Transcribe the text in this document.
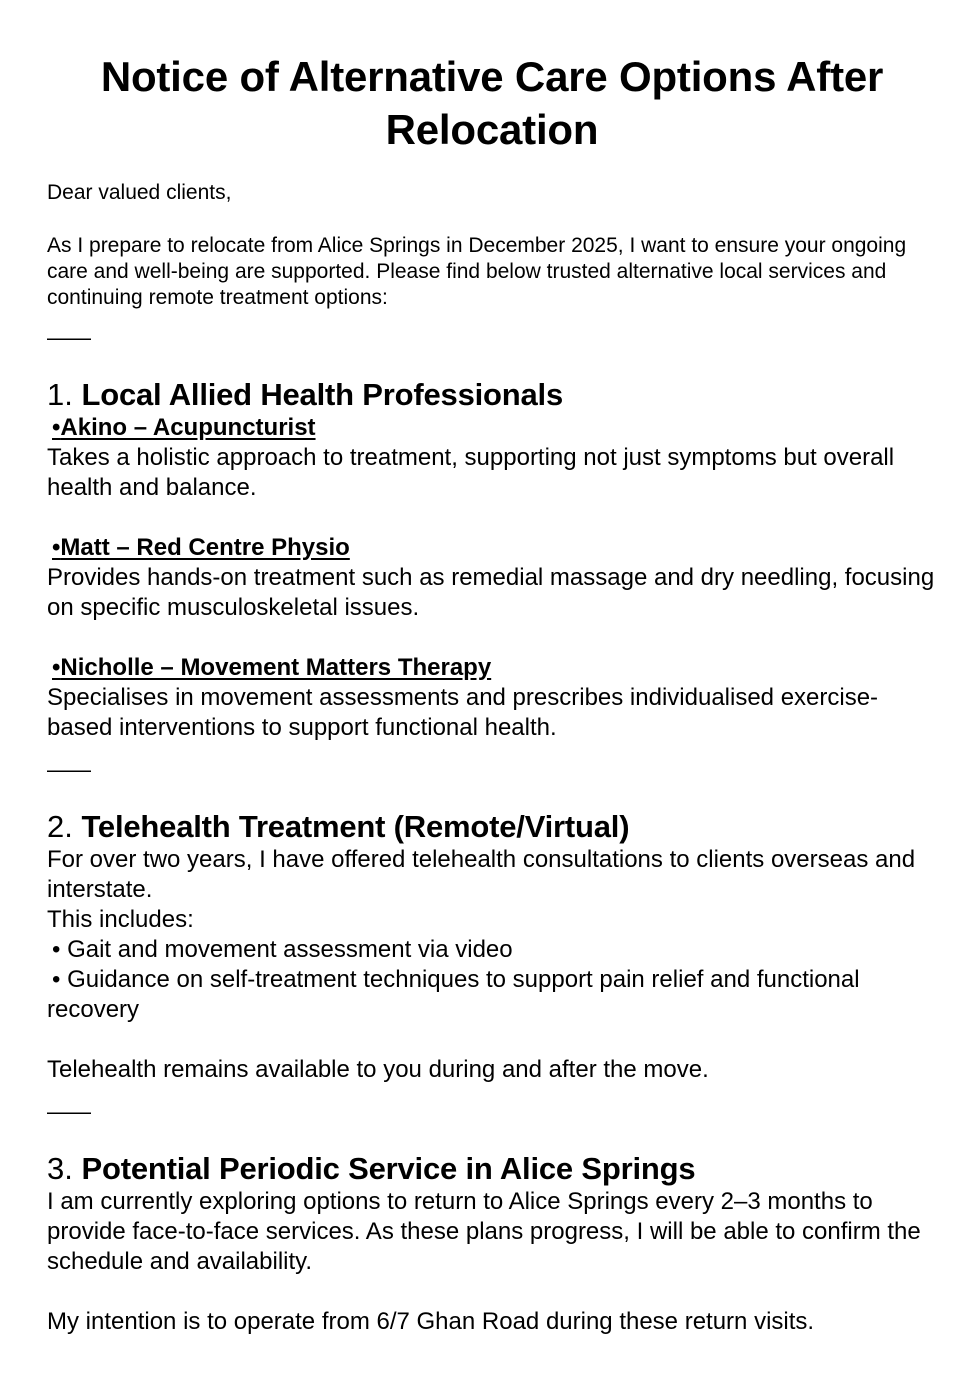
Notice of Alternative Care Options After Relocation

Dear valued clients,

As I prepare to relocate from Alice Springs in December 2025, I want to ensure your ongoing care and well-being are supported. Please find below trusted alternative local services and continuing remote treatment options:

——

1. Local Allied Health Professionals

•Akino – Acupuncturist

Takes a holistic approach to treatment, supporting not just symptoms but overall health and balance.

•Matt – Red Centre Physio

Provides hands-on treatment such as remedial massage and dry needling, focusing on specific musculoskeletal issues.

•Nicholle – Movement Matters Therapy

Specialises in movement assessments and prescribes individualised exercise-based interventions to support functional health.

——

2. Telehealth Treatment (Remote/Virtual)

For over two years, I have offered telehealth consultations to clients overseas and interstate.

This includes:

• Gait and movement assessment via video

• Guidance on self-treatment techniques to support pain relief and functional recovery

Telehealth remains available to you during and after the move.

——

3. Potential Periodic Service in Alice Springs

I am currently exploring options to return to Alice Springs every 2–3 months to provide face-to-face services. As these plans progress, I will be able to confirm the schedule and availability.

My intention is to operate from 6/7 Ghan Road during these return visits.
